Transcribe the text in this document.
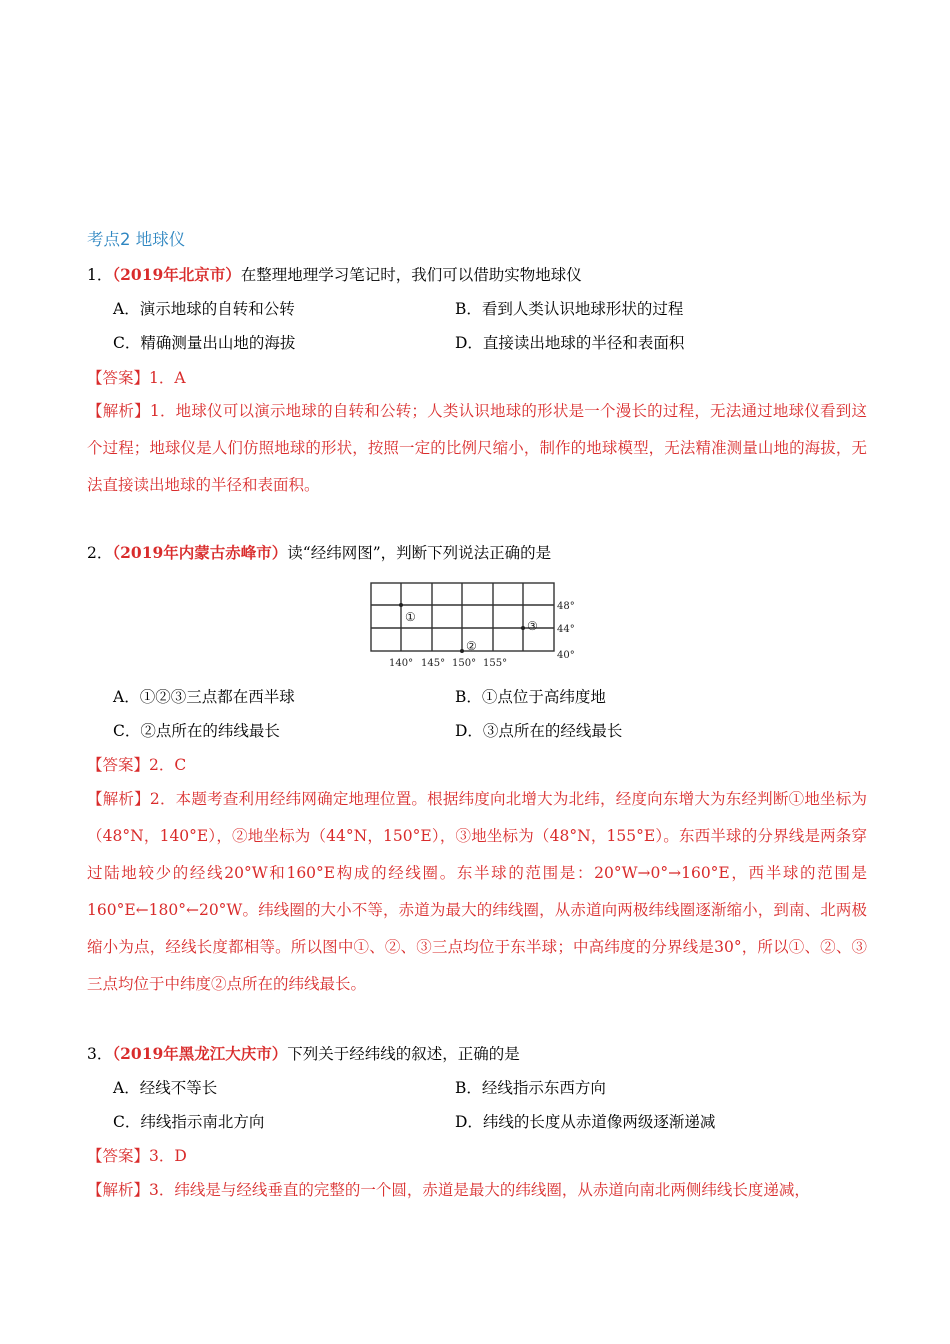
考点2 地球仪
1．（2019年北京市）在整理地理学习笔记时，我们可以借助实物地球仪
A．演示地球的自转和公转	B．看到人类认识地球形状的过程
C．精确测量出山地的海拔	D．直接读出地球的半径和表面积
【答案】1．A
【解析】1．地球仪可以演示地球的自转和公转；人类认识地球的形状是一个漫长的过程，无法通过地球仪看到这个过程；地球仪是人们仿照地球的形状，按照一定的比例尺缩小，制作的地球模型，无法精准测量山地的海拔，无法直接读出地球的半径和表面积。
2．（2019年内蒙古赤峰市）读“经纬网图”，判断下列说法正确的是
①
②
③
48°
44°
40°
140° 145° 150° 155°
A．①②③三点都在西半球	B．①点位于高纬度地
C．②点所在的纬线最长	D．③点所在的经线最长
【答案】2．C
【解析】2．本题考查利用经纬网确定地理位置。根据纬度向北增大为北纬，经度向东增大为东经判断①地坐标为（48°N，140°E），②地坐标为（44°N，150°E），③地坐标为（48°N，155°E）。东西半球的分界线是两条穿过陆地较少的经线20°W和160°E构成的经线圈。东半球的范围是：20°W→0°→160°E，西半球的范围是160°E←180°←20°W。纬线圈的大小不等，赤道为最大的纬线圈，从赤道向两极纬线圈逐渐缩小，到南、北两极缩小为点，经线长度都相等。所以图中①、②、③三点均位于东半球；中高纬度的分界线是30°，所以①、②、③三点均位于中纬度②点所在的纬线最长。
3．（2019年黑龙江大庆市）下列关于经纬线的叙述，正确的是
A．经线不等长	B．经线指示东西方向
C．纬线指示南北方向	D．纬线的长度从赤道像两级逐渐递减
【答案】3．D
【解析】3．纬线是与经线垂直的完整的一个圆，赤道是最大的纬线圈，从赤道向南北两侧纬线长度递减，
